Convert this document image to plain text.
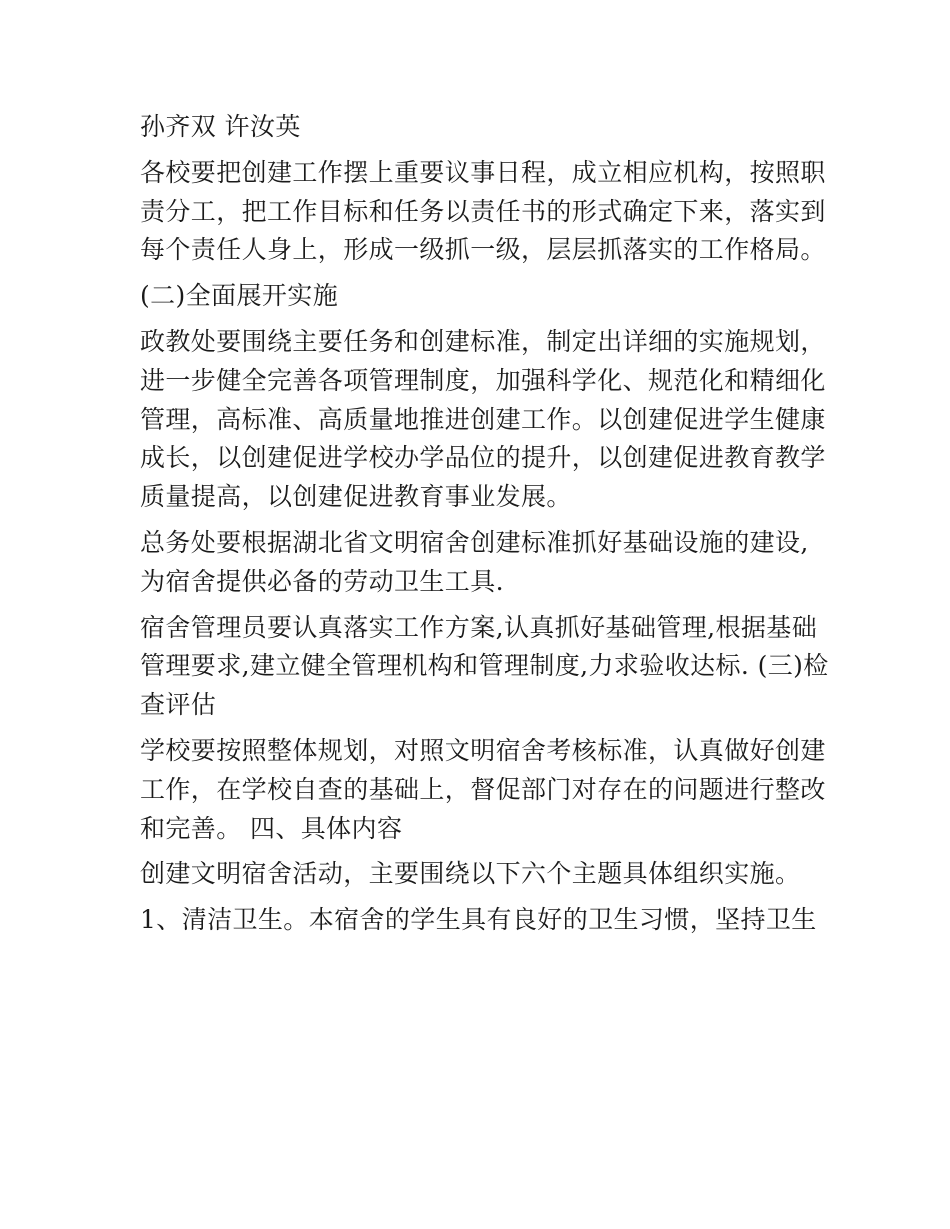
孙齐双 许汝英

各校要把创建工作摆上重要议事日程，成立相应机构，按照职
责分工，把工作目标和任务以责任书的形式确定下来，落实到
每个责任人身上，形成一级抓一级，层层抓落实的工作格局。

(二)全面展开实施

政教处要围绕主要任务和创建标准，制定出详细的实施规划，
进一步健全完善各项管理制度，加强科学化、规范化和精细化
管理，高标准、高质量地推进创建工作。以创建促进学生健康
成长，以创建促进学校办学品位的提升，以创建促进教育教学
质量提高，以创建促进教育事业发展。

总务处要根据湖北省文明宿舍创建标准抓好基础设施的建设,
为宿舍提供必备的劳动卫生工具.

宿舍管理员要认真落实工作方案,认真抓好基础管理,根据基础
管理要求,建立健全管理机构和管理制度,力求验收达标. (三)检
查评估

学校要按照整体规划，对照文明宿舍考核标准，认真做好创建
工作，在学校自查的基础上，督促部门对存在的问题进行整改
和完善。 四、具体内容

创建文明宿舍活动，主要围绕以下六个主题具体组织实施。

1、清洁卫生。本宿舍的学生具有良好的卫生习惯，坚持卫生
